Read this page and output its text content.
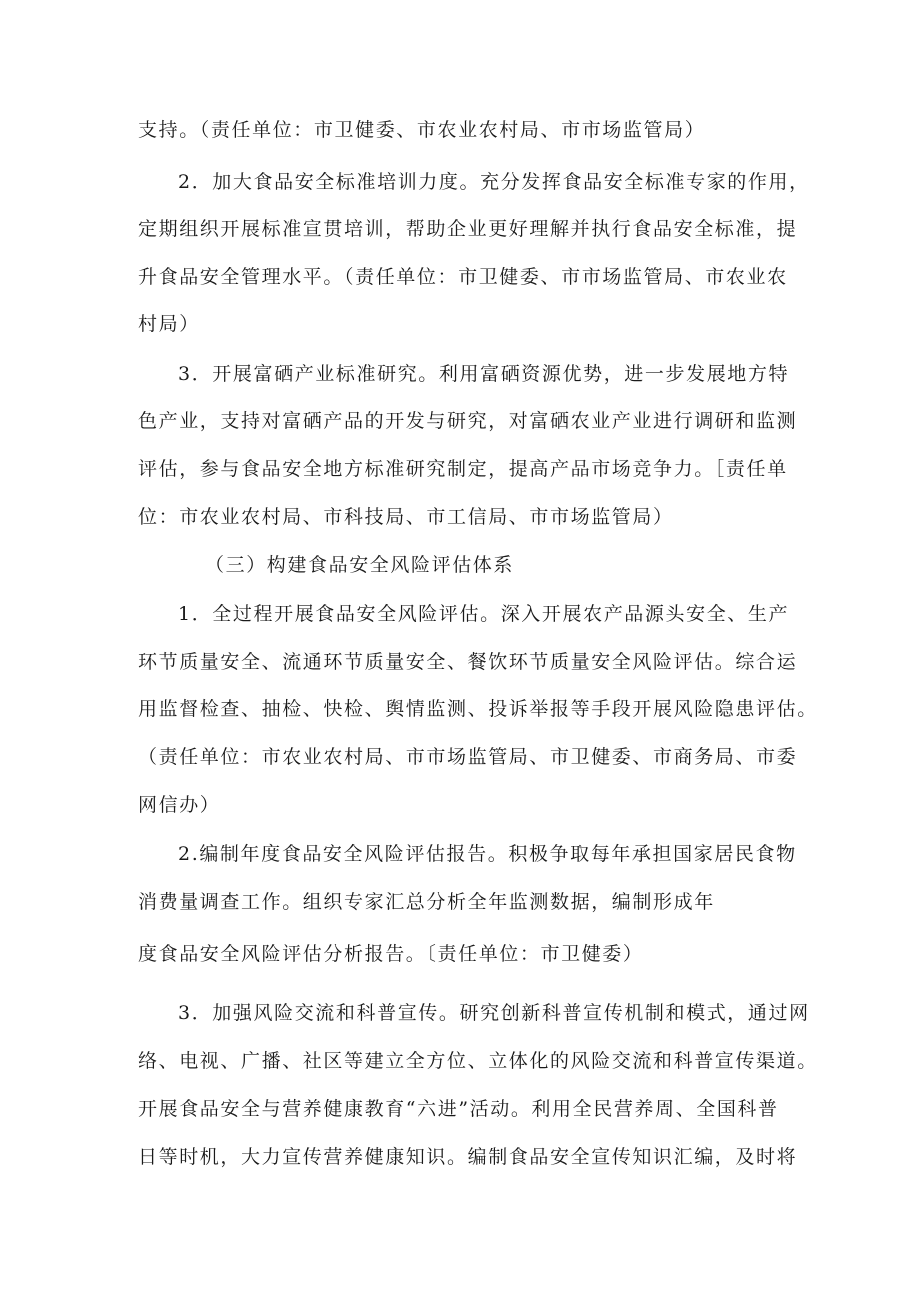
支持。（责任单位：市卫健委、市农业农村局、市市场监管局）
2．加大食品安全标准培训力度。充分发挥食品安全标准专家的作用，
定期组织开展标准宣贯培训，帮助企业更好理解并执行食品安全标准，提
升食品安全管理水平。（责任单位：市卫健委、市市场监管局、市农业农
村局）
3．开展富硒产业标准研究。利用富硒资源优势，进一步发展地方特
色产业，支持对富硒产品的开发与研究，对富硒农业产业进行调研和监测
评估，参与食品安全地方标准研究制定，提高产品市场竞争力。［责任单
位：市农业农村局、市科技局、市工信局、市市场监管局）
（三）构建食品安全风险评估体系
1．全过程开展食品安全风险评估。深入开展农产品源头安全、生产
环节质量安全、流通环节质量安全、餐饮环节质量安全风险评估。综合运
用监督检查、抽检、快检、舆情监测、投诉举报等手段开展风险隐患评估。
（责任单位：市农业农村局、市市场监管局、市卫健委、市商务局、市委
网信办）
2.编制年度食品安全风险评估报告。积极争取每年承担国家居民食物
消费量调查工作。组织专家汇总分析全年监测数据，编制形成年
度食品安全风险评估分析报告。〔责任单位：市卫健委）
3．加强风险交流和科普宣传。研究创新科普宣传机制和模式，通过网
络、电视、广播、社区等建立全方位、立体化的风险交流和科普宣传渠道。
开展食品安全与营养健康教育“六进”活动。利用全民营养周、全国科普
日等时机，大力宣传营养健康知识。编制食品安全宣传知识汇编，及时将
